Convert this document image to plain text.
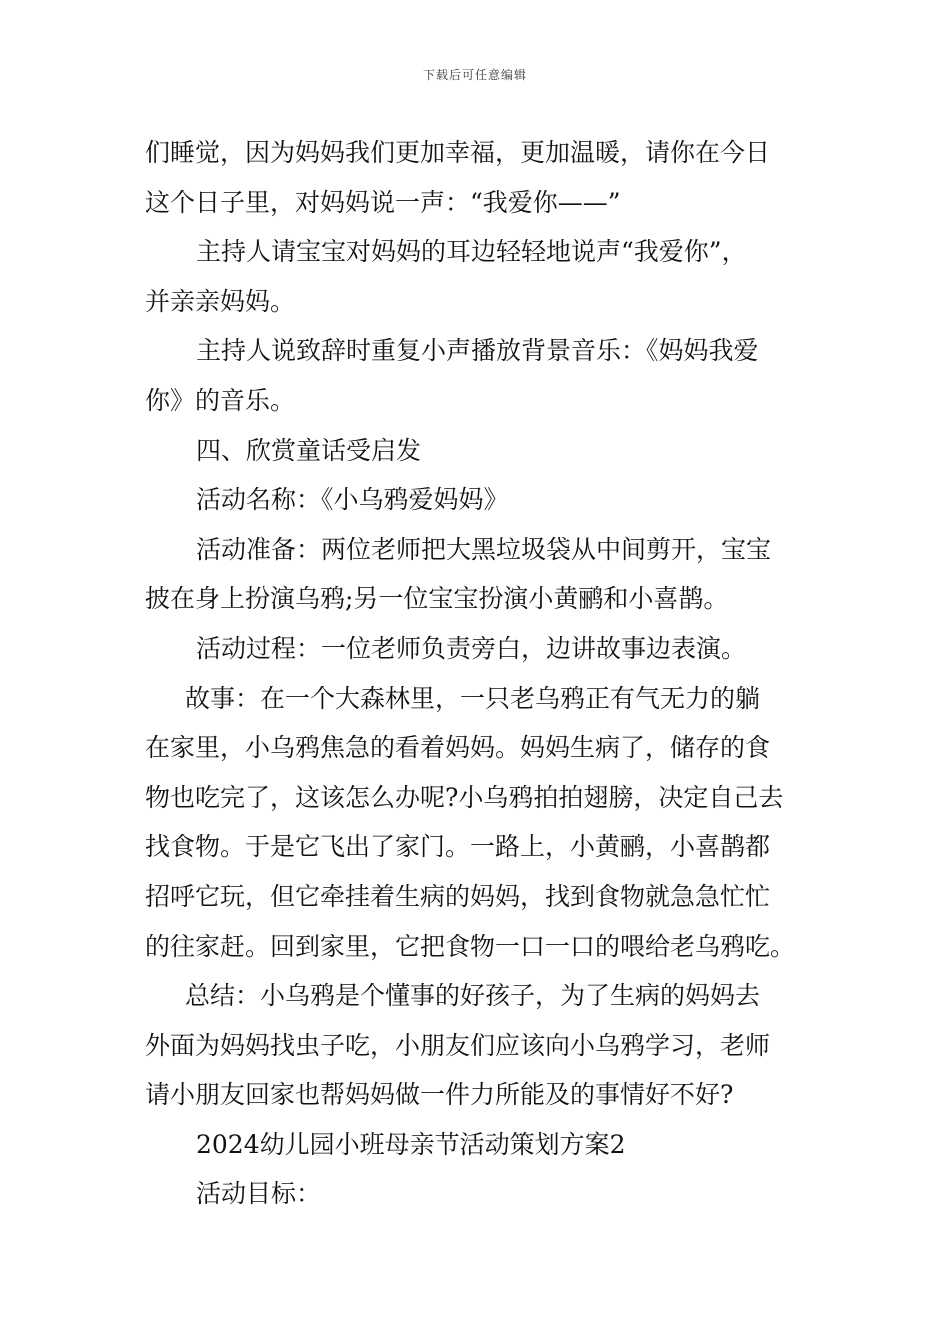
下载后可任意编辑
们睡觉，因为妈妈我们更加幸福，更加温暖，请你在今日
这个日子里，对妈妈说一声：“我爱你——”
主持人请宝宝对妈妈的耳边轻轻地说声“我爱你”，
并亲亲妈妈。
主持人说致辞时重复小声播放背景音乐：《妈妈我爱
你》的音乐。
四、欣赏童话受启发
活动名称：《小乌鸦爱妈妈》
活动准备：两位老师把大黑垃圾袋从中间剪开，宝宝
披在身上扮演乌鸦;另一位宝宝扮演小黄鹂和小喜鹊。
活动过程：一位老师负责旁白，边讲故事边表演。
故事：在一个大森林里，一只老乌鸦正有气无力的躺
在家里，小乌鸦焦急的看着妈妈。妈妈生病了，储存的食
物也吃完了，这该怎么办呢?小乌鸦拍拍翅膀，决定自己去
找食物。于是它飞出了家门。一路上，小黄鹂，小喜鹊都
招呼它玩，但它牵挂着生病的妈妈，找到食物就急急忙忙
的往家赶。回到家里，它把食物一口一口的喂给老乌鸦吃。
总结：小乌鸦是个懂事的好孩子，为了生病的妈妈去
外面为妈妈找虫子吃，小朋友们应该向小乌鸦学习，老师
请小朋友回家也帮妈妈做一件力所能及的事情好不好?
2024幼儿园小班母亲节活动策划方案2
活动目标：
